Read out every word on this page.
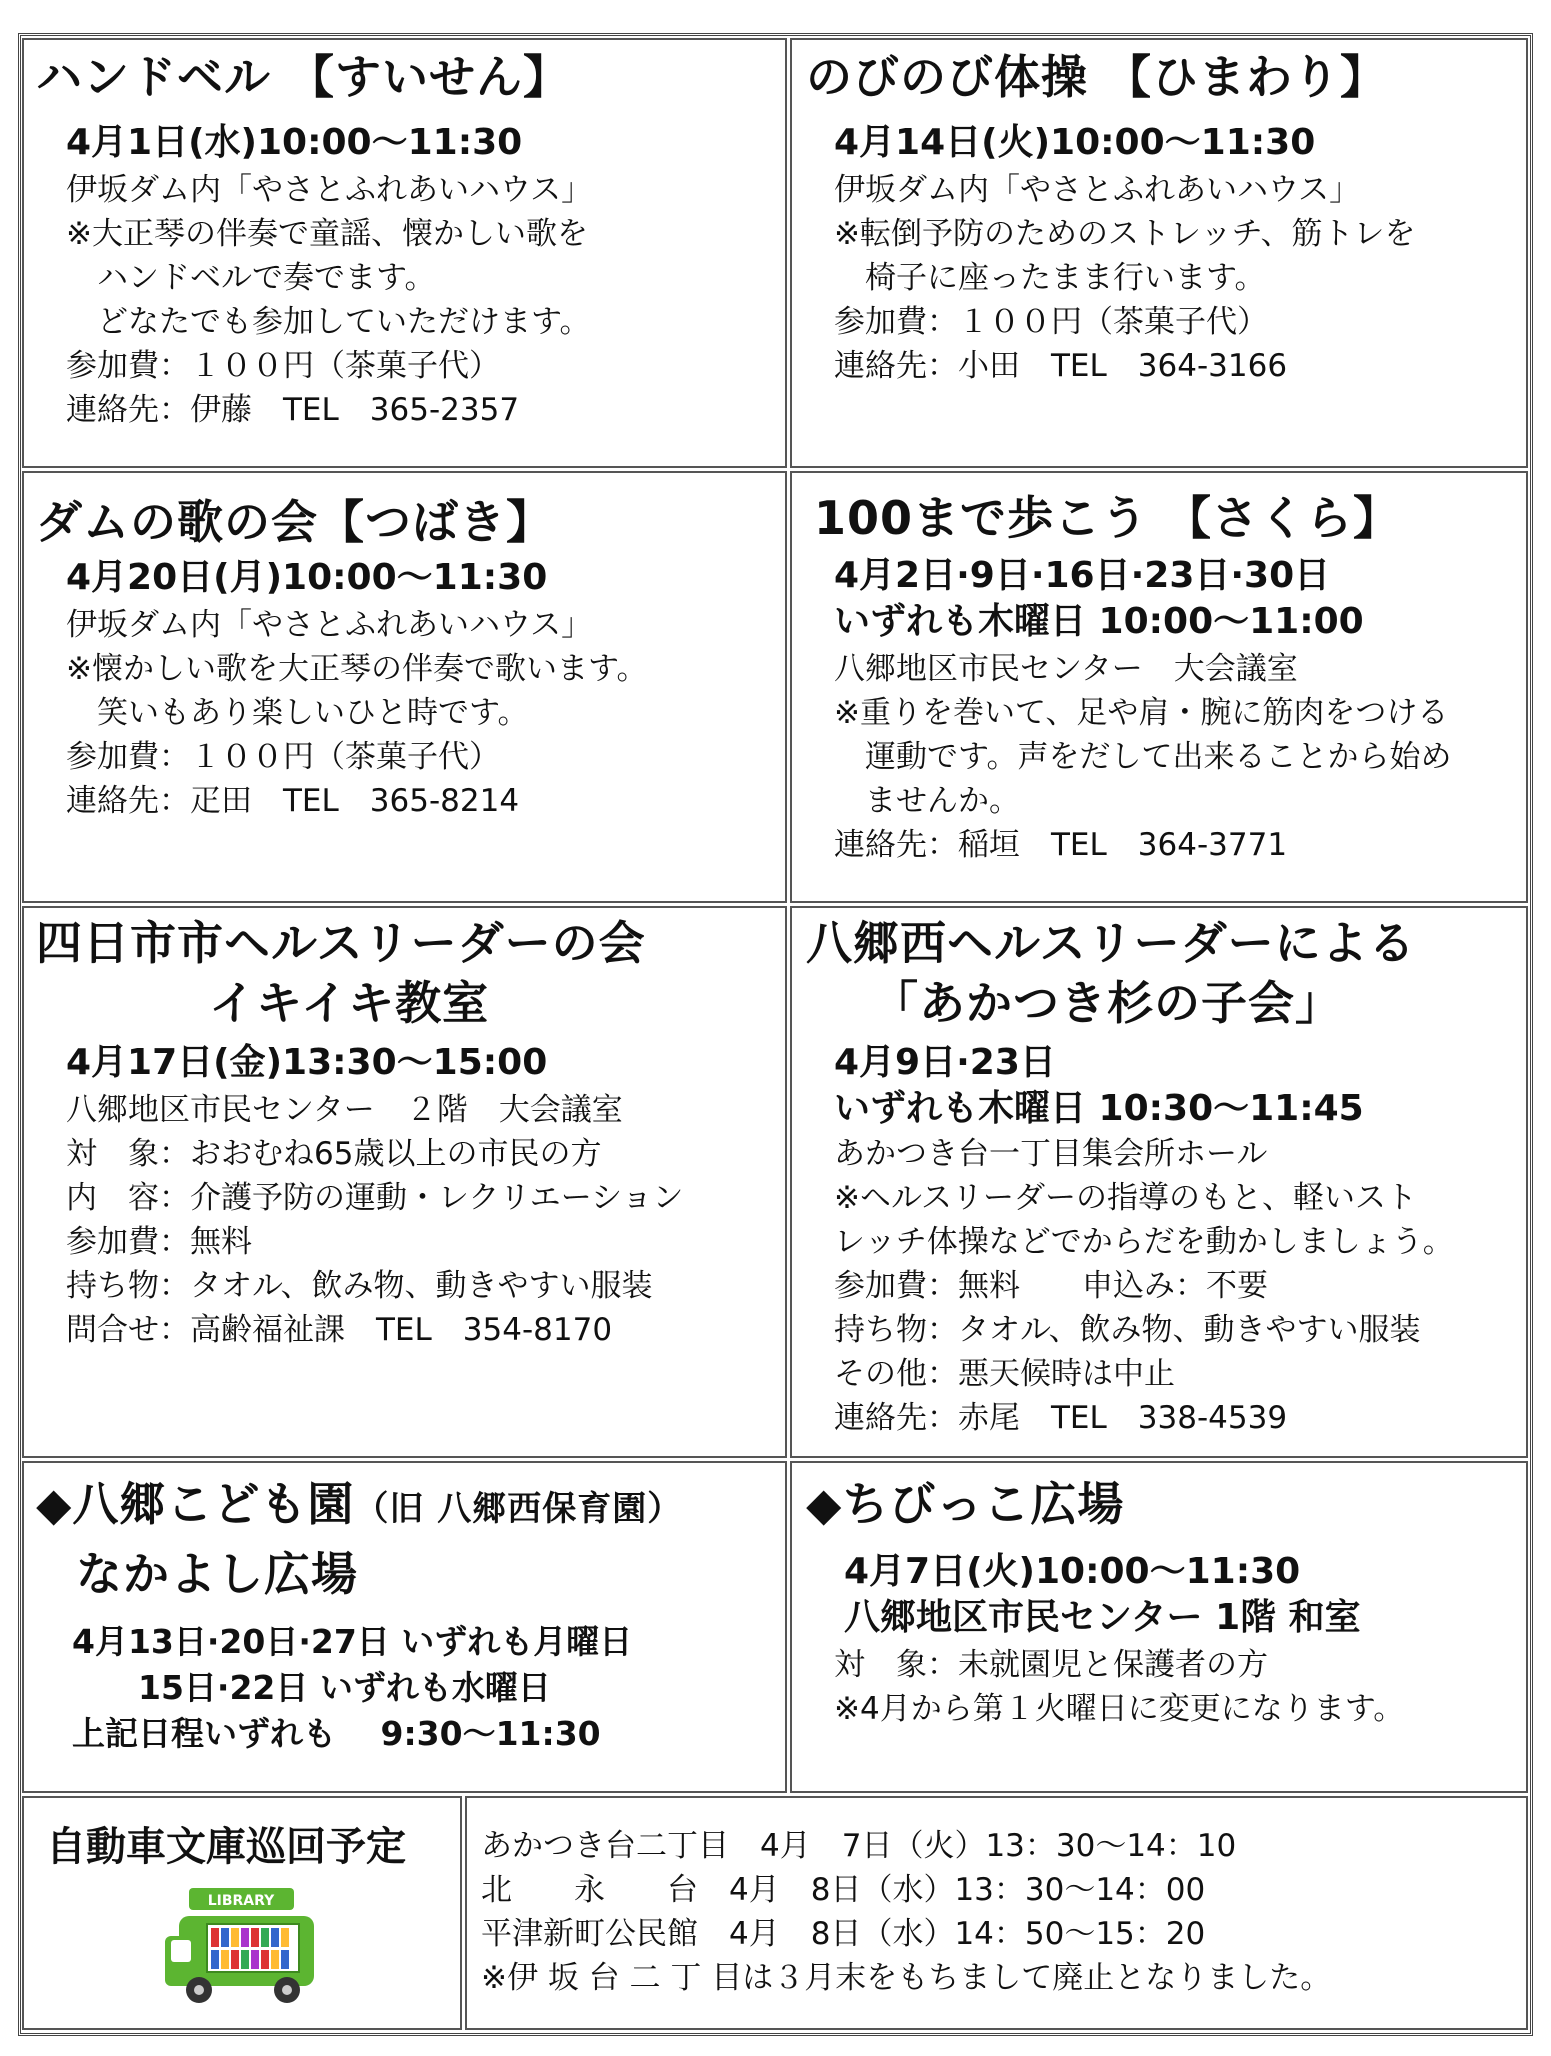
ハンドベル 【すいせん】
4月1日(水)10:00～11:30
伊坂ダム内「やさとふれあいハウス」
※大正琴の伴奏で童謡、懐かしい歌を
　ハンドベルで奏でます。
　どなたでも参加していただけます。
参加費：１００円（茶菓子代）
連絡先：伊藤　TEL　365-2357
のびのび体操 【ひまわり】
4月14日(火)10:00～11:30
伊坂ダム内「やさとふれあいハウス」
※転倒予防のためのストレッチ、筋トレを
　椅子に座ったまま行います。
参加費：１００円（茶菓子代）
連絡先：小田　TEL　364-3166
ダムの歌の会【つばき】
4月20日(月)10:00～11:30
伊坂ダム内「やさとふれあいハウス」
※懐かしい歌を大正琴の伴奏で歌います。
　笑いもあり楽しいひと時です。
参加費：１００円（茶菓子代）
連絡先：疋田　TEL　365-8214
100まで歩こう 【さくら】
4月2日·9日·16日·23日·30日
いずれも木曜日 10:00～11:00
八郷地区市民センター　大会議室
※重りを巻いて、足や肩・腕に筋肉をつける
　運動です。声をだして出来ることから始め
　ませんか。
連絡先：稲垣　TEL　364-3771
四日市市ヘルスリーダーの会
イキイキ教室
4月17日(金)13:30～15:00
八郷地区市民センター　２階　大会議室
対　象：おおむね65歳以上の市民の方
内　容：介護予防の運動・レクリエーション
参加費：無料
持ち物：タオル、飲み物、動きやすい服装
問合せ：高齢福祉課　TEL　354-8170
八郷西ヘルスリーダーによる
「あかつき杉の子会」
4月9日·23日
いずれも木曜日 10:30～11:45
あかつき台一丁目集会所ホール
※ヘルスリーダーの指導のもと、軽いスト
レッチ体操などでからだを動かしましょう。
参加費：無料　　申込み：不要
持ち物：タオル、飲み物、動きやすい服装
その他：悪天候時は中止
連絡先：赤尾　TEL　338-4539
◆八郷こども園（旧 八郷西保育園）
なかよし広場
4月13日·20日·27日 いずれも月曜日
　　15日·22日 いずれも水曜日
上記日程いずれも　 9:30～11:30
◆ちびっこ広場
4月7日(火)10:00～11:30
八郷地区市民センター 1階 和室
対　象：未就園児と保護者の方
※4月から第１火曜日に変更になります。
自動車文庫巡回予定
LIBRARY
あかつき台二丁目　4月　7日（火）13：30～14：10
北　　永　　台　4月　8日（水）13：30～14：00
平津新町公民館　4月　8日（水）14：50～15：20
※伊 坂 台 二 丁 目は３月末をもちまして廃止となりました。
